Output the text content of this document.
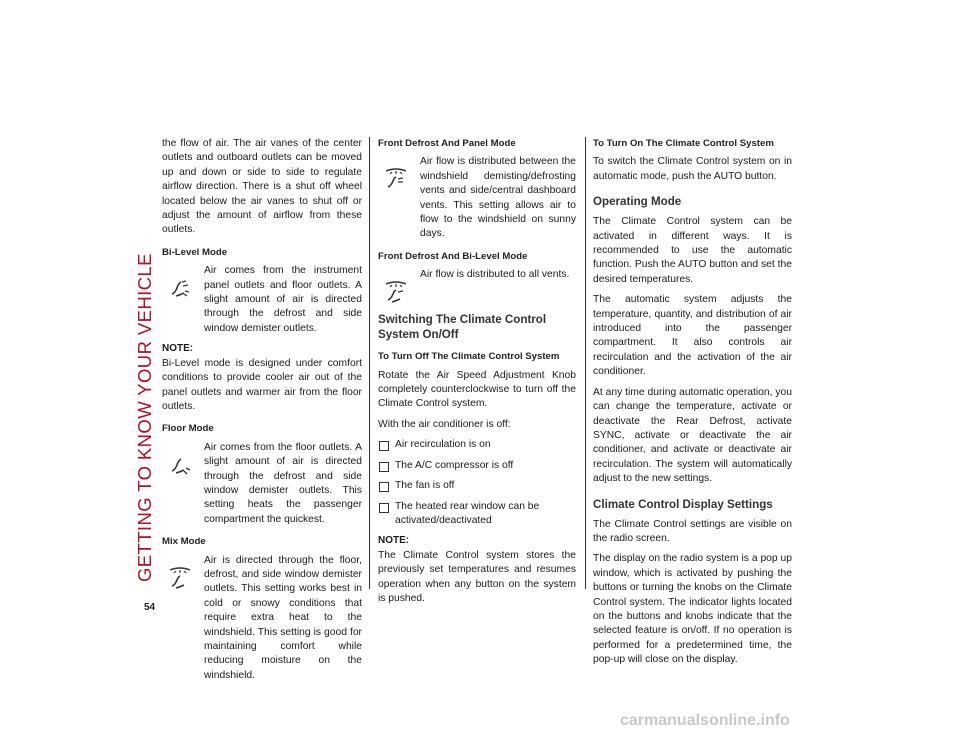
GETTING TO KNOW YOUR VEHICLE
54

the flow of air. The air vanes of the center outlets and outboard outlets can be moved up and down or side to side to regulate airflow direction. There is a shut off wheel located below the air vanes to shut off or adjust the amount of airflow from these outlets.

Bi-Level Mode

Air comes from the instrument panel outlets and floor outlets. A slight amount of air is directed through the defrost and side window demister outlets.

NOTE:

Bi-Level mode is designed under comfort conditions to provide cooler air out of the panel outlets and warmer air from the floor outlets.

Floor Mode

Air comes from the floor outlets. A slight amount of air is directed through the defrost and side window demister outlets. This setting heats the passenger compartment the quickest.

Mix Mode

Air is directed through the floor, defrost, and side window demister outlets. This setting works best in cold or snowy conditions that require extra heat to the windshield. This setting is good for maintaining comfort while reducing moisture on the windshield.

Front Defrost And Panel Mode

Air flow is distributed between the windshield demisting/defrosting vents and side/central dashboard vents. This setting allows air to flow to the windshield on sunny days.

Front Defrost And Bi-Level Mode

Air flow is distributed to all vents.

Switching The Climate Control System On/Off
To Turn Off The Climate Control System

Rotate the Air Speed Adjustment Knob completely counterclockwise to turn off the Climate Control system.

With the air conditioner is off:

Air recirculation is on
The A/C compressor is off
The fan is off
The heated rear window can be activated/deactivated
NOTE:

The Climate Control system stores the previously set temperatures and resumes operation when any button on the system is pushed.

To Turn On The Climate Control System

To switch the Climate Control system on in automatic mode, push the AUTO button.

Operating Mode

The Climate Control system can be activated in different ways. It is recommended to use the automatic function. Push the AUTO button and set the desired temperatures.

The automatic system adjusts the temperature, quantity, and distribution of air introduced into the passenger compartment. It also controls air recirculation and the activation of the air conditioner.

At any time during automatic operation, you can change the temperature, activate or deactivate the Rear Defrost, activate SYNC, activate or deactivate the air conditioner, and activate or deactivate air recirculation. The system will automatically adjust to the new settings.

Climate Control Display Settings

The Climate Control settings are visible on the radio screen.

The display on the radio system is a pop up window, which is activated by pushing the buttons or turning the knobs on the Climate Control system. The indicator lights located on the buttons and knobs indicate that the selected feature is on/off. If no operation is performed for a predetermined time, the pop-up will close on the display.

carmanualsonline.info
